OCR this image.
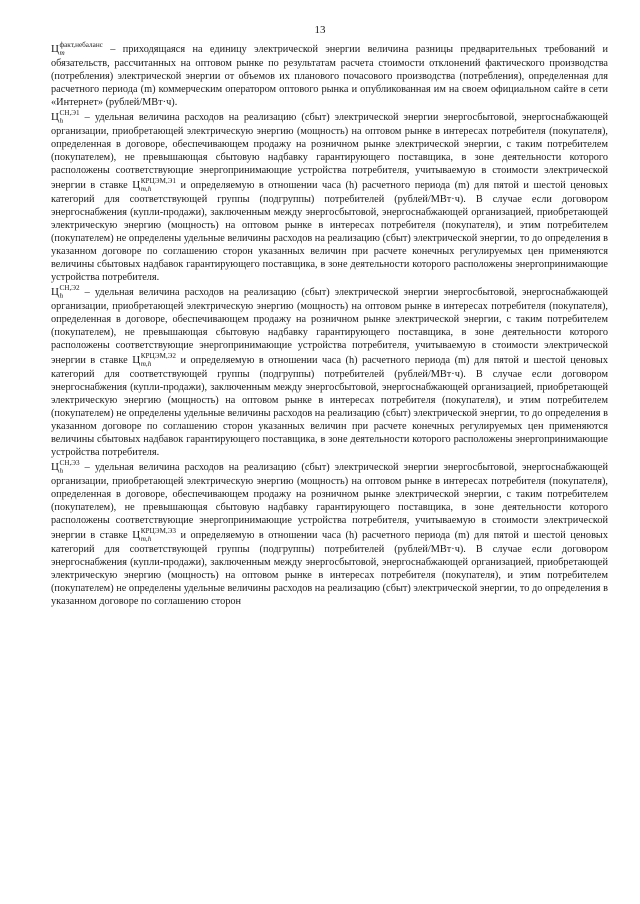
13

Ц факт,небаланс
m	– приходящаяся на единицу электрической энергии величина разницы предварительных требований и обязательств, рассчитанных на оптовом рынке по результатам расчета стоимости отклонений фактического производства (потребления) электрической энергии от объемов их планового почасового производства (потребления), определенная для расчетного периода (m) коммерческим оператором оптового рынка и опубликованная им на своем официальном сайте в сети «Интернет» (рублей/МВт·ч).

Ц СН,Э1
h	– удельная величина расходов на реализацию (сбыт) электрической энергии энергосбытовой, энергоснабжающей организации, приобретающей электрическую энергию (мощность) на оптовом рынке в интересах потребителя (покупателя), определенная в договоре, обеспечивающем продажу на розничном рынке электрической энергии, с таким потребителем (покупателем), не превышающая сбытовую надбавку гарантирующего поставщика, в зоне деятельности которого расположены соответствующие энергопринимающие устройства потребителя, учитываемую в стоимости электрической энергии в ставке Ц КРЦЭМ,Э1
m,h	и определяемую в отношении часа (h) расчетного периода (m) для пятой и шестой ценовых категорий для соответствующей группы (подгруппы) потребителей (рублей/МВт·ч). В случае если договором энергоснабжения (купли-продажи), заключенным между энергосбытовой, энергоснабжающей организацией, приобретающей электрическую энергию (мощность) на оптовом рынке в интересах потребителя (покупателя), и этим потребителем (покупателем) не определены удельные величины расходов на реализацию (сбыт) электрической энергии, то до определения в указанном договоре по соглашению сторон указанных величин при расчете конечных регулируемых цен применяются величины сбытовых надбавок гарантирующего поставщика, в зоне деятельности которого расположены энергопринимающие устройства потребителя.

Ц СН,Э2
h	– удельная величина расходов на реализацию (сбыт) электрической энергии энергосбытовой, энергоснабжающей организации, приобретающей электрическую энергию (мощность) на оптовом рынке в интересах потребителя (покупателя), определенная в договоре, обеспечивающем продажу на розничном рынке электрической энергии, с таким потребителем (покупателем), не превышающая сбытовую надбавку гарантирующего поставщика, в зоне деятельности которого расположены соответствующие энергопринимающие устройства потребителя, учитываемую в стоимости электрической энергии в ставке Ц КРЦЭМ,Э2
m,h	и определяемую в отношении часа (h) расчетного периода (m) для пятой и шестой ценовых категорий для соответствующей группы (подгруппы) потребителей (рублей/МВт·ч). В случае если договором энергоснабжения (купли-продажи), заключенным между энергосбытовой, энергоснабжающей организацией, приобретающей электрическую энергию (мощность) на оптовом рынке в интересах потребителя (покупателя), и этим потребителем (покупателем) не определены удельные величины расходов на реализацию (сбыт) электрической энергии, то до определения в указанном договоре по соглашению сторон указанных величин при расчете конечных регулируемых цен применяются величины сбытовых надбавок гарантирующего поставщика, в зоне деятельности которого расположены энергопринимающие устройства потребителя.

Ц СН,Э3
h	– удельная величина расходов на реализацию (сбыт) электрической энергии энергосбытовой, энергоснабжающей организации, приобретающей электрическую энергию (мощность) на оптовом рынке в интересах потребителя (покупателя), определенная в договоре, обеспечивающем продажу на розничном рынке электрической энергии, с таким потребителем (покупателем), не превышающая сбытовую надбавку гарантирующего поставщика, в зоне деятельности которого расположены соответствующие энергопринимающие устройства потребителя, учитываемую в стоимости электрической энергии в ставке Ц КРЦЭМ,Э3
m,h	и определяемую в отношении часа (h) расчетного периода (m) для пятой и шестой ценовых категорий для соответствующей группы (подгруппы) потребителей (рублей/МВт·ч). В случае если договором энергоснабжения (купли-продажи), заключенным между энергосбытовой, энергоснабжающей организацией, приобретающей электрическую энергию (мощность) на оптовом рынке в интересах потребителя (покупателя), и этим потребителем (покупателем) не определены удельные величины расходов на реализацию (сбыт) электрической энергии, то до определения в указанном договоре по соглашению сторон
